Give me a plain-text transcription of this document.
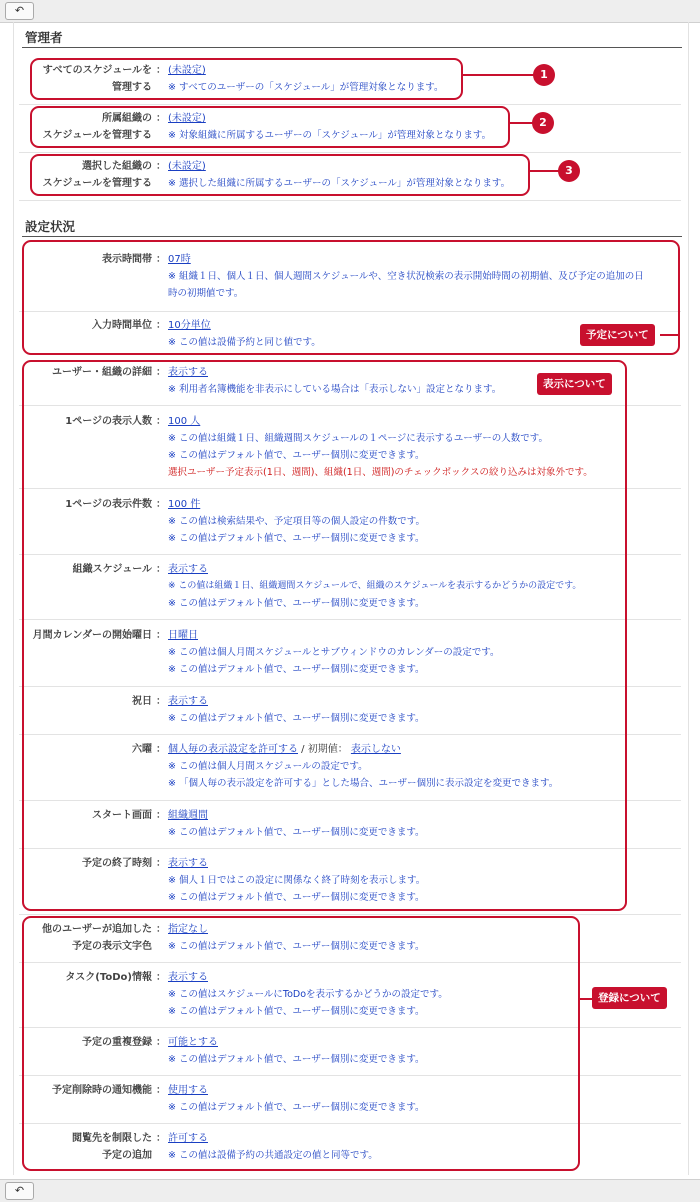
↶
管理者
すべてのスケジュールを
管理する
： (未設定)
※ すべてのユーザーの「スケジュール」が管理対象となります。
1
所属組織の
スケジュールを管理する
： (未設定)
※ 対象組織に所属するユーザーの「スケジュール」が管理対象となります。
2
選択した組織の
スケジュールを管理する
： (未設定)
※ 選択した組織に所属するユーザーの「スケジュール」が管理対象となります。
3
設定状況
表示時間帯 ： 07時
※ 組織１日、個人１日、個人週間スケジュールや、空き状況検索の表示開始時間の初期値、及び予定の追加の日
時の初期値です。
入力時間単位 ： 10分単位
※ この値は設備予約と同じ値です。
予定について
ユーザー・組織の詳細 ： 表示する
※ 利用者名簿機能を非表示にしている場合は「表示しない」設定となります。
1ページの表示人数 ： 100 人
※ この値は組織１日、組織週間スケジュールの１ページに表示するユーザーの人数です。
※ この値はデフォルト値で、ユーザー個別に変更できます。
選択ユーザー予定表示(1日、週間)、組織(1日、週間)のチェックボックスの絞り込みは対象外です。
1ページの表示件数 ： 100 件
※ この値は検索結果や、予定項目等の個人設定の件数です。
※ この値はデフォルト値で、ユーザー個別に変更できます。
組織スケジュール ： 表示する
※ この値は組織１日、組織週間スケジュールで、組織のスケジュールを表示するかどうかの設定です。
※ この値はデフォルト値で、ユーザー個別に変更できます。
月間カレンダーの開始曜日 ： 日曜日
※ この値は個人月間スケジュールとサブウィンドウのカレンダーの設定です。
※ この値はデフォルト値で、ユーザー個別に変更できます。
祝日 ： 表示する
※ この値はデフォルト値で、ユーザー個別に変更できます。
六曜 ： 個人毎の表示設定を許可する / 初期値： 表示しない
※ この値は個人月間スケジュールの設定です。
※ 「個人毎の表示設定を許可する」とした場合、ユーザー個別に表示設定を変更できます。
スタート画面 ： 組織週間
※ この値はデフォルト値で、ユーザー個別に変更できます。
予定の終了時刻 ： 表示する
※ 個人１日ではこの設定に関係なく終了時刻を表示します。
※ この値はデフォルト値で、ユーザー個別に変更できます。
表示について
他のユーザーが追加した
予定の表示文字色
： 指定なし
※ この値はデフォルト値で、ユーザー個別に変更できます。
タスク(ToDo)情報 ： 表示する
※ この値はスケジュールにToDoを表示するかどうかの設定です。
※ この値はデフォルト値で、ユーザー個別に変更できます。
予定の重複登録 ： 可能とする
※ この値はデフォルト値で、ユーザー個別に変更できます。
予定削除時の通知機能 ： 使用する
※ この値はデフォルト値で、ユーザー個別に変更できます。
閲覧先を制限した
予定の追加
： 許可する
※ この値は設備予約の共通設定の値と同等です。
登録について
↶
